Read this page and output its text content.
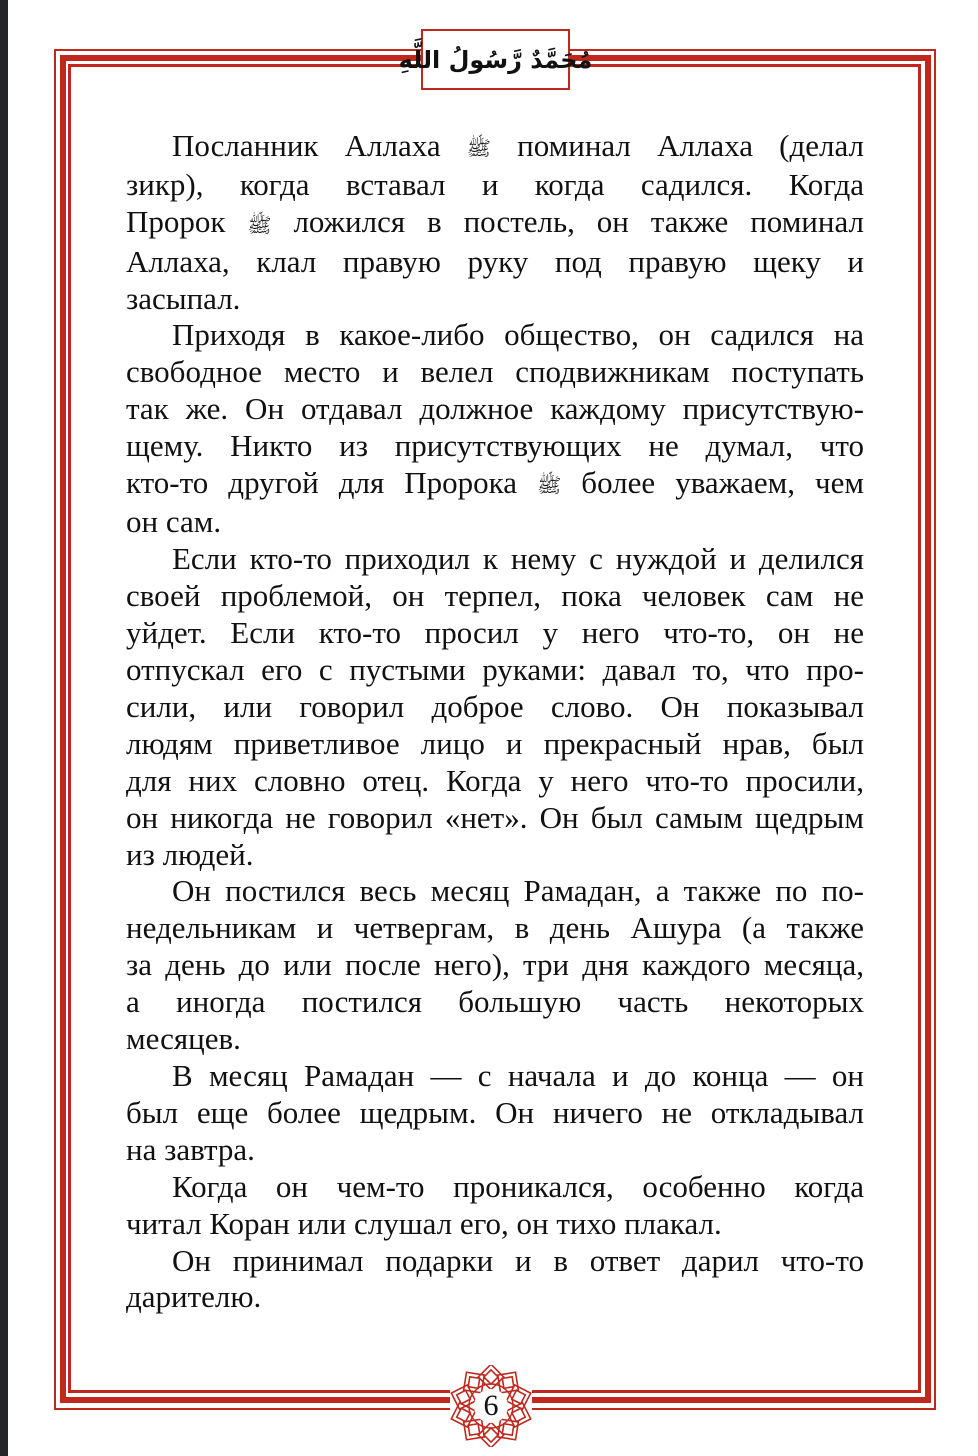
مُحَمَّدٌ رَّسُولُ اللَّهِ
Посланник Аллаха ﷺ поминал Аллаха (делал
зикр), когда вставал и когда садился. Когда
Пророк ﷺ ложился в постель, он также поминал
Аллаха, клал правую руку под правую щеку и
засыпал.
Приходя в какое-либо общество, он садился на
свободное место и велел сподвижникам поступать
так же. Он отдавал должное каждому присутствую-
щему. Никто из присутствующих не думал, что
кто-то другой для Пророка ﷺ более уважаем, чем
он сам.
Если кто-то приходил к нему с нуждой и делился
своей проблемой, он терпел, пока человек сам не
уйдет. Если кто-то просил у него что-то, он не
отпускал его с пустыми руками: давал то, что про-
сили, или говорил доброе слово. Он показывал
людям приветливое лицо и прекрасный нрав, был
для них словно отец. Когда у него что-то просили,
он никогда не говорил «нет». Он был самым щедрым
из людей.
Он постился весь месяц Рамадан, а также по по-
недельникам и четвергам, в день Ашура (а также
за день до или после него), три дня каждого месяца,
а иногда постился большую часть некоторых
месяцев.
В месяц Рамадан — с начала и до конца — он
был еще более щедрым. Он ничего не откладывал
на завтра.
Когда он чем-то проникался, особенно когда
читал Коран или слушал его, он тихо плакал.
Он принимал подарки и в ответ дарил что-то
дарителю.
6
